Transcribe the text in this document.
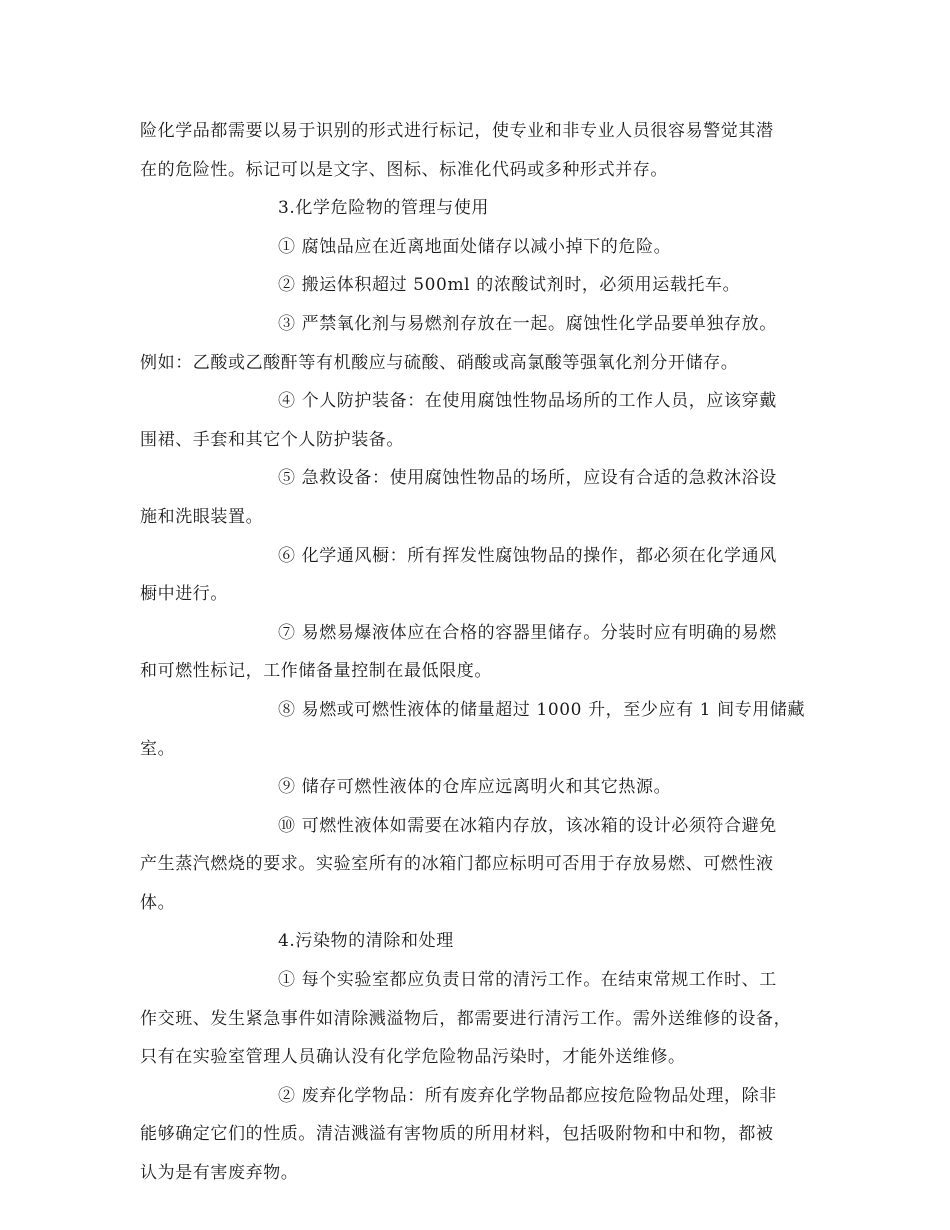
险化学品都需要以易于识别的形式进行标记，使专业和非专业人员很容易警觉其潜
在的危险性。标记可以是文字、图标、标准化代码或多种形式并存。
3.化学危险物的管理与使用
① 腐蚀品应在近离地面处储存以减小掉下的危险。
② 搬运体积超过 500ml 的浓酸试剂时，必须用运载托车。
③ 严禁氧化剂与易燃剂存放在一起。腐蚀性化学品要单独存放。
例如：乙酸或乙酸酐等有机酸应与硫酸、硝酸或高氯酸等强氧化剂分开储存。
④ 个人防护装备：在使用腐蚀性物品场所的工作人员，应该穿戴
围裙、手套和其它个人防护装备。
⑤ 急救设备：使用腐蚀性物品的场所，应设有合适的急救沐浴设
施和洗眼装置。
⑥ 化学通风橱：所有挥发性腐蚀物品的操作，都必须在化学通风
橱中进行。
⑦ 易燃易爆液体应在合格的容器里储存。分装时应有明确的易燃
和可燃性标记，工作储备量控制在最低限度。
⑧ 易燃或可燃性液体的储量超过 1000 升，至少应有 1 间专用储藏
室。
⑨ 储存可燃性液体的仓库应远离明火和其它热源。
⑩ 可燃性液体如需要在冰箱内存放，该冰箱的设计必须符合避免
产生蒸汽燃烧的要求。实验室所有的冰箱门都应标明可否用于存放易燃、可燃性液
体。
4.污染物的清除和处理
① 每个实验室都应负责日常的清污工作。在结束常规工作时、工
作交班、发生紧急事件如清除溅溢物后，都需要进行清污工作。需外送维修的设备，
只有在实验室管理人员确认没有化学危险物品污染时，才能外送维修。
② 废弃化学物品：所有废弃化学物品都应按危险物品处理，除非
能够确定它们的性质。清洁溅溢有害物质的所用材料，包括吸附物和中和物，都被
认为是有害废弃物。
